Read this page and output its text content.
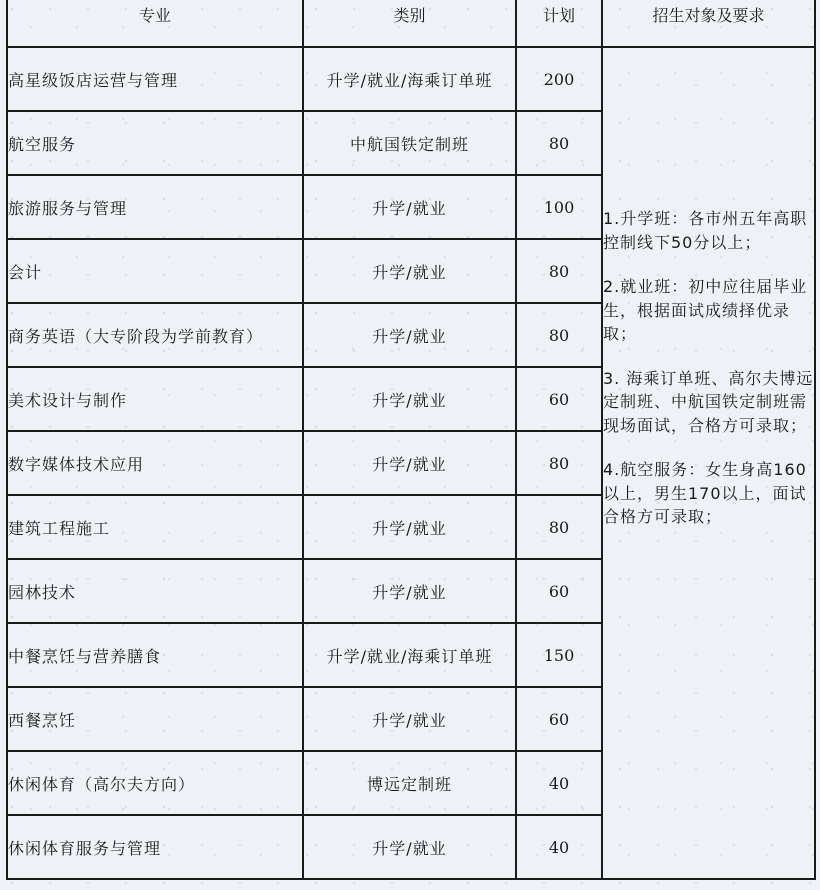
专业	类别	计划	招生对象及要求
高星级饭店运营与管理	升学/就业/海乘订单班	200	1.升学班：各市州五年高职控制线下50分以上；
2.就业班：初中应往届毕业生，根据面试成绩择优录取；
3. 海乘订单班、高尔夫博远定制班、中航国铁定制班需现场面试，合格方可录取；
4.航空服务：女生身高160以上，男生170以上，面试合格方可录取；

航空服务	中航国铁定制班	80	
旅游服务与管理	升学/就业	100	
会计	升学/就业	80	
商务英语（大专阶段为学前教育）	升学/就业	80	
美术设计与制作	升学/就业	60	
数字媒体技术应用	升学/就业	80	
建筑工程施工	升学/就业	80	
园林技术	升学/就业	60	
中餐烹饪与营养膳食	升学/就业/海乘订单班	150	
西餐烹饪	升学/就业	60	
休闲体育（高尔夫方向）	博远定制班	40	
休闲体育服务与管理	升学/就业	40	
